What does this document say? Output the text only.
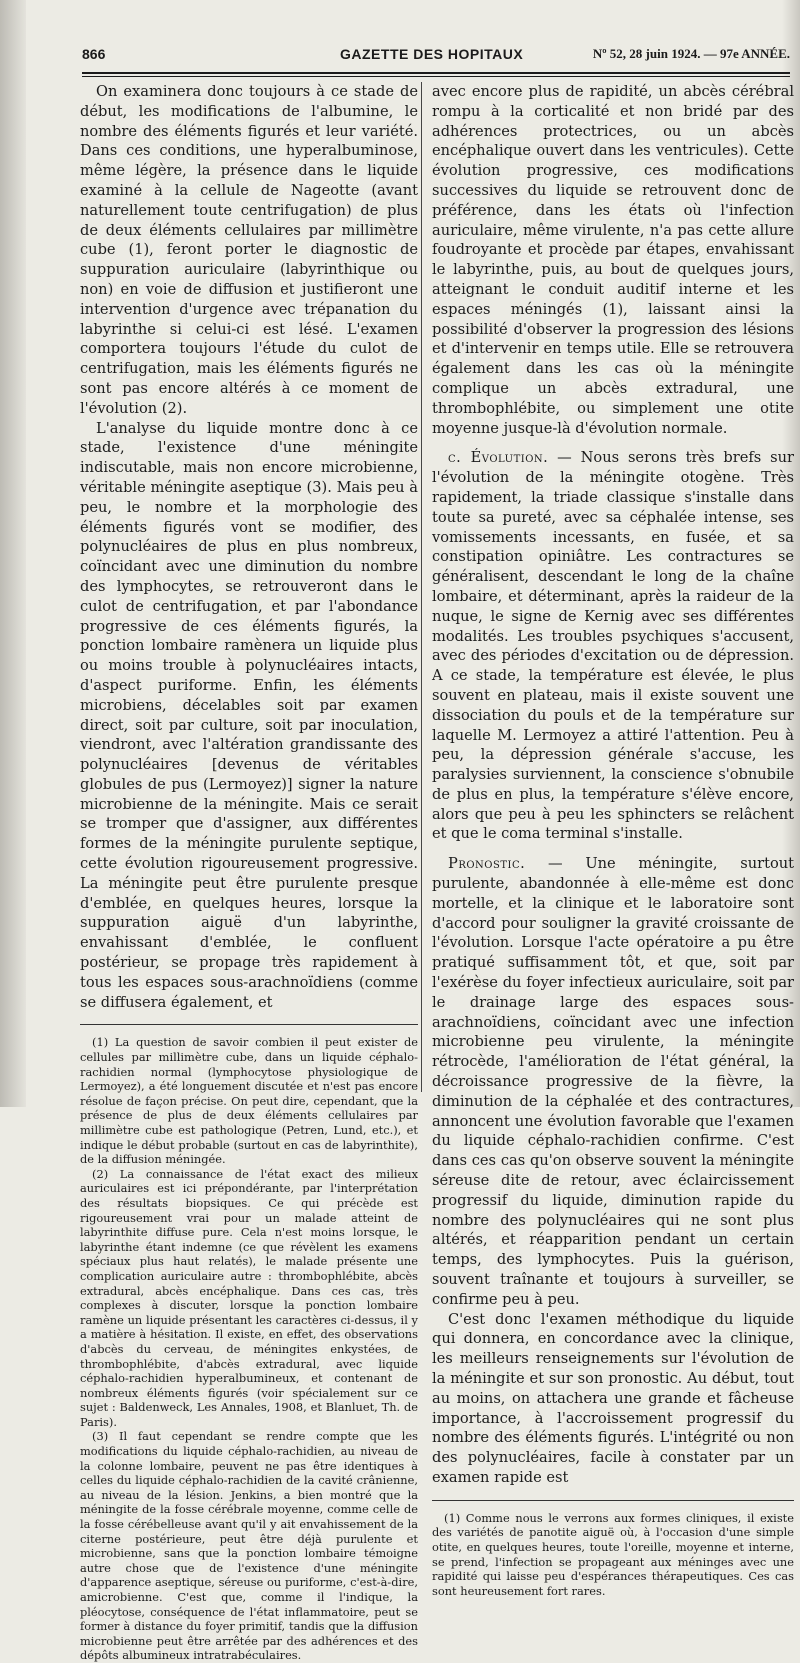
866	GAZETTE DES HOPITAUX	Nº 52, 28 juin 1924. — 97e ANNÉE.

On examinera donc toujours à ce stade de début, les modifications de l'albumine, le nombre des éléments figurés et leur variété. Dans ces conditions, une hyperalbuminose, même légère, la présence dans le liquide examiné à la cellule de Nageotte (avant naturellement toute centrifugation) de plus de deux éléments cellulaires par millimètre cube (1), feront porter le diagnostic de suppuration auriculaire (labyrinthique ou non) en voie de diffusion et justifieront une intervention d'urgence avec trépanation du labyrinthe si celui-ci est lésé. L'examen comportera toujours l'étude du culot de centrifugation, mais les éléments figurés ne sont pas encore altérés à ce moment de l'évolution (2).

L'analyse du liquide montre donc à ce stade, l'existence d'une méningite indiscutable, mais non encore microbienne, véritable méningite aseptique (3). Mais peu à peu, le nombre et la morphologie des éléments figurés vont se modifier, des polynucléaires de plus en plus nombreux, coïncidant avec une diminution du nombre des lymphocytes, se retrouveront dans le culot de centrifugation, et par l'abondance progressive de ces éléments figurés, la ponction lombaire ramènera un liquide plus ou moins trouble à polynucléaires intacts, d'aspect puriforme. Enfin, les éléments microbiens, décelables soit par examen direct, soit par culture, soit par inoculation, viendront, avec l'altération grandissante des polynucléaires [devenus de véritables globules de pus (Lermoyez)] signer la nature microbienne de la méningite. Mais ce serait se tromper que d'assigner, aux différentes formes de la méningite purulente septique, cette évolution rigoureusement progressive. La méningite peut être purulente presque d'emblée, en quelques heures, lorsque la suppuration aiguë d'un labyrinthe, envahissant d'emblée, le confluent postérieur, se propage très rapidement à tous les espaces sous-arachnoïdiens (comme se diffusera également, et

(1) La question de savoir combien il peut exister de cellules par millimètre cube, dans un liquide céphalo-rachidien normal (lymphocytose physiologique de Lermoyez), a été longuement discutée et n'est pas encore résolue de façon précise. On peut dire, cependant, que la présence de plus de deux éléments cellulaires par millimètre cube est pathologique (Petren, Lund, etc.), et indique le début probable (surtout en cas de labyrinthite), de la diffusion méningée.

(2) La connaissance de l'état exact des milieux auriculaires est ici prépondérante, par l'interprétation des résultats biopsiques. Ce qui précède est rigoureusement vrai pour un malade atteint de labyrinthite diffuse pure. Cela n'est moins lorsque, le labyrinthe étant indemne (ce que révèlent les examens spéciaux plus haut relatés), le malade présente une complication auriculaire autre : thrombophlébite, abcès extradural, abcès encéphalique. Dans ces cas, très complexes à discuter, lorsque la ponction lombaire ramène un liquide présentant les caractères ci-dessus, il y a matière à hésitation. Il existe, en effet, des observations d'abcès du cerveau, de méningites enkystées, de thrombophlébite, d'abcès extradural, avec liquide céphalo-rachidien hyperalbumineux, et contenant de nombreux éléments figurés (voir spécialement sur ce sujet : Baldenweck, Les Annales, 1908, et Blanluet, Th. de Paris).

(3) Il faut cependant se rendre compte que les modifications du liquide céphalo-rachidien, au niveau de la colonne lombaire, peuvent ne pas être identiques à celles du liquide céphalo-rachidien de la cavité crânienne, au niveau de la lésion. Jenkins, a bien montré que la méningite de la fosse cérébrale moyenne, comme celle de la fosse cérébelleuse avant qu'il y ait envahissement de la citerne postérieure, peut être déjà purulente et microbienne, sans que la ponction lombaire témoigne autre chose que de l'existence d'une méningite d'apparence aseptique, séreuse ou puriforme, c'est-à-dire, amicrobienne. C'est que, comme il l'indique, la pléocytose, conséquence de l'état inflammatoire, peut se former à distance du foyer primitif, tandis que la diffusion microbienne peut être arrêtée par des adhérences et des dépôts albumineux intratrabéculaires.

avec encore plus de rapidité, un abcès cérébral rompu à la corticalité et non bridé par des adhérences protectrices, ou un abcès encéphalique ouvert dans les ventricules). Cette évolution progressive, ces modifications successives du liquide se retrouvent donc de préférence, dans les états où l'infection auriculaire, même virulente, n'a pas cette allure foudroyante et procède par étapes, envahissant le labyrinthe, puis, au bout de quelques jours, atteignant le conduit auditif interne et les espaces méningés (1), laissant ainsi la possibilité d'observer la progression des lésions et d'intervenir en temps utile. Elle se retrouvera également dans les cas où la méningite complique un abcès extradural, une thrombophlébite, ou simplement une otite moyenne jusque-là d'évolution normale.

c. Évolution. — Nous serons très brefs sur l'évolution de la méningite otogène. Très rapidement, la triade classique s'installe dans toute sa pureté, avec sa céphalée intense, ses vomissements incessants, en fusée, et sa constipation opiniâtre. Les contractures se généralisent, descendant le long de la chaîne lombaire, et déterminant, après la raideur de la nuque, le signe de Kernig avec ses différentes modalités. Les troubles psychiques s'accusent, avec des périodes d'excitation ou de dépression. A ce stade, la température est élevée, le plus souvent en plateau, mais il existe souvent une dissociation du pouls et de la température sur laquelle M. Lermoyez a attiré l'attention. Peu à peu, la dépression générale s'accuse, les paralysies surviennent, la conscience s'obnubile de plus en plus, la température s'élève encore, alors que peu à peu les sphincters se relâchent et que le coma terminal s'installe.

Pronostic. — Une méningite, surtout purulente, abandonnée à elle-même est donc mortelle, et la clinique et le laboratoire sont d'accord pour souligner la gravité croissante de l'évolution. Lorsque l'acte opératoire a pu être pratiqué suffisamment tôt, et que, soit par l'exérèse du foyer infectieux auriculaire, soit par le drainage large des espaces sous-arachnoïdiens, coïncidant avec une infection microbienne peu virulente, la méningite rétrocède, l'amélioration de l'état général, la décroissance progressive de la fièvre, la diminution de la céphalée et des contractures, annoncent une évolution favorable que l'examen du liquide céphalo-rachidien confirme. C'est dans ces cas qu'on observe souvent la méningite séreuse dite de retour, avec éclaircissement progressif du liquide, diminution rapide du nombre des polynucléaires qui ne sont plus altérés, et réapparition pendant un certain temps, des lymphocytes. Puis la guérison, souvent traînante et toujours à surveiller, se confirme peu à peu.

C'est donc l'examen méthodique du liquide qui donnera, en concordance avec la clinique, les meilleurs renseignements sur l'évolution de la méningite et sur son pronostic. Au début, tout au moins, on attachera une grande et fâcheuse importance, à l'accroissement progressif du nombre des éléments figurés. L'intégrité ou non des polynucléaires, facile à constater par un examen rapide est

(1) Comme nous le verrons aux formes cliniques, il existe des variétés de panotite aiguë où, à l'occasion d'une simple otite, en quelques heures, toute l'oreille, moyenne et interne, se prend, l'infection se propageant aux méninges avec une rapidité qui laisse peu d'espérances thérapeutiques. Ces cas sont heureusement fort rares.
